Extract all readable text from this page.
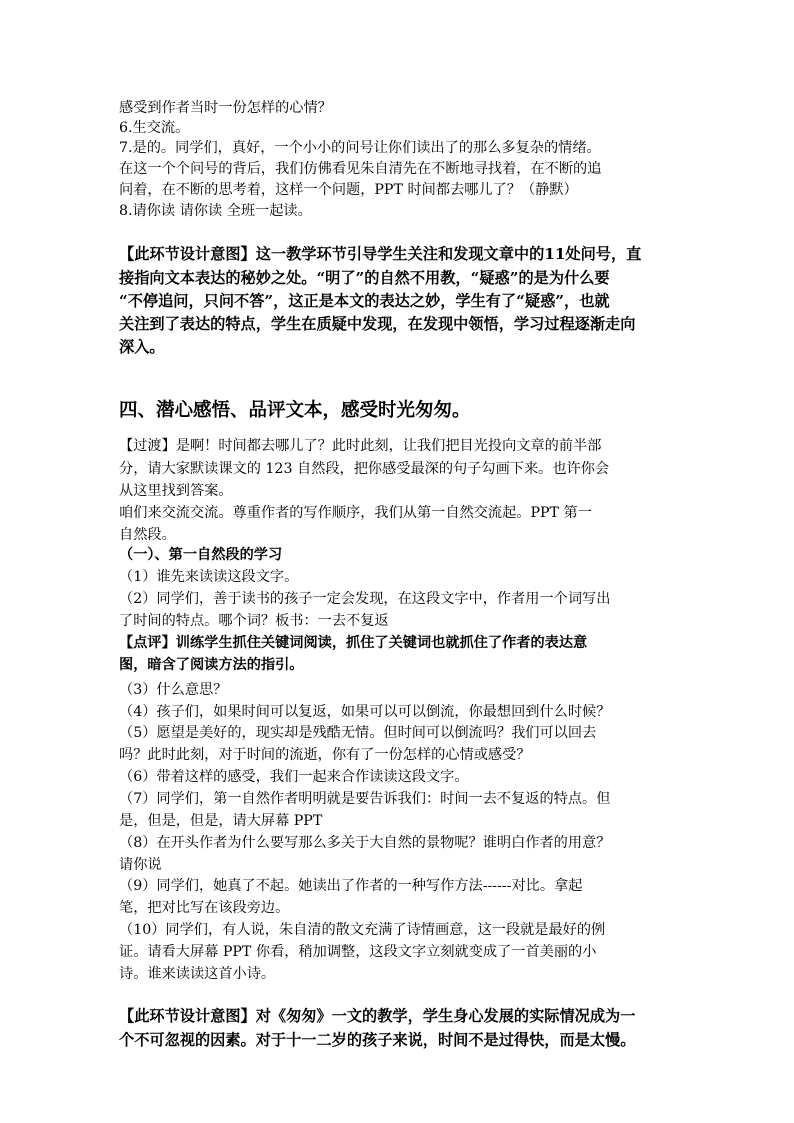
感受到作者当时一份怎样的心情？
6.生交流。
7.是的。同学们，真好，一个小小的问号让你们读出了的那么多复杂的情绪。
在这一个个问号的背后，我们仿佛看见朱自清先在不断地寻找着，在不断的追
问着，在不断的思考着，这样一个问题，PPT 时间都去哪儿了？（静默）
8.请你读 请你读 全班一起读。
【此环节设计意图】这一教学环节引导学生关注和发现文章中的11处问号，直
接指向文本表达的秘妙之处。“明了”的自然不用教，“疑惑”的是为什么要
“不停追问，只问不答”，这正是本文的表达之妙，学生有了“疑惑”，也就
关注到了表达的特点，学生在质疑中发现，在发现中领悟，学习过程逐渐走向
深入。
四、潜心感悟、品评文本，感受时光匆匆。
【过渡】是啊！时间都去哪儿了？此时此刻，让我们把目光投向文章的前半部
分，请大家默读课文的 123 自然段，把你感受最深的句子勾画下来。也许你会
从这里找到答案。
咱们来交流交流。尊重作者的写作顺序，我们从第一自然交流起。PPT 第一
自然段。
（一）、第一自然段的学习
（1）谁先来读读这段文字。
（2）同学们，善于读书的孩子一定会发现，在这段文字中，作者用一个词写出
了时间的特点。哪个词？板书：一去不复返
【点评】训练学生抓住关键词阅读，抓住了关键词也就抓住了作者的表达意
图，暗含了阅读方法的指引。
（3）什么意思？
（4）孩子们，如果时间可以复返，如果可以可以倒流，你最想回到什么时候？
（5）愿望是美好的，现实却是残酷无情。但时间可以倒流吗？我们可以回去
吗？此时此刻，对于时间的流逝，你有了一份怎样的心情或感受？
（6）带着这样的感受，我们一起来合作读读这段文字。
（7）同学们，第一自然作者明明就是要告诉我们：时间一去不复返的特点。但
是，但是，但是，请大屏幕 PPT
（8）在开头作者为什么要写那么多关于大自然的景物呢？谁明白作者的用意？
请你说
（9）同学们，她真了不起。她读出了作者的一种写作方法------对比。拿起
笔，把对比写在该段旁边。
（10）同学们，有人说，朱自清的散文充满了诗情画意，这一段就是最好的例
证。请看大屏幕 PPT 你看，稍加调整，这段文字立刻就变成了一首美丽的小
诗。谁来读读这首小诗。
【此环节设计意图】对《匆匆》一文的教学，学生身心发展的实际情况成为一
个不可忽视的因素。对于十一二岁的孩子来说，时间不是过得快，而是太慢。
